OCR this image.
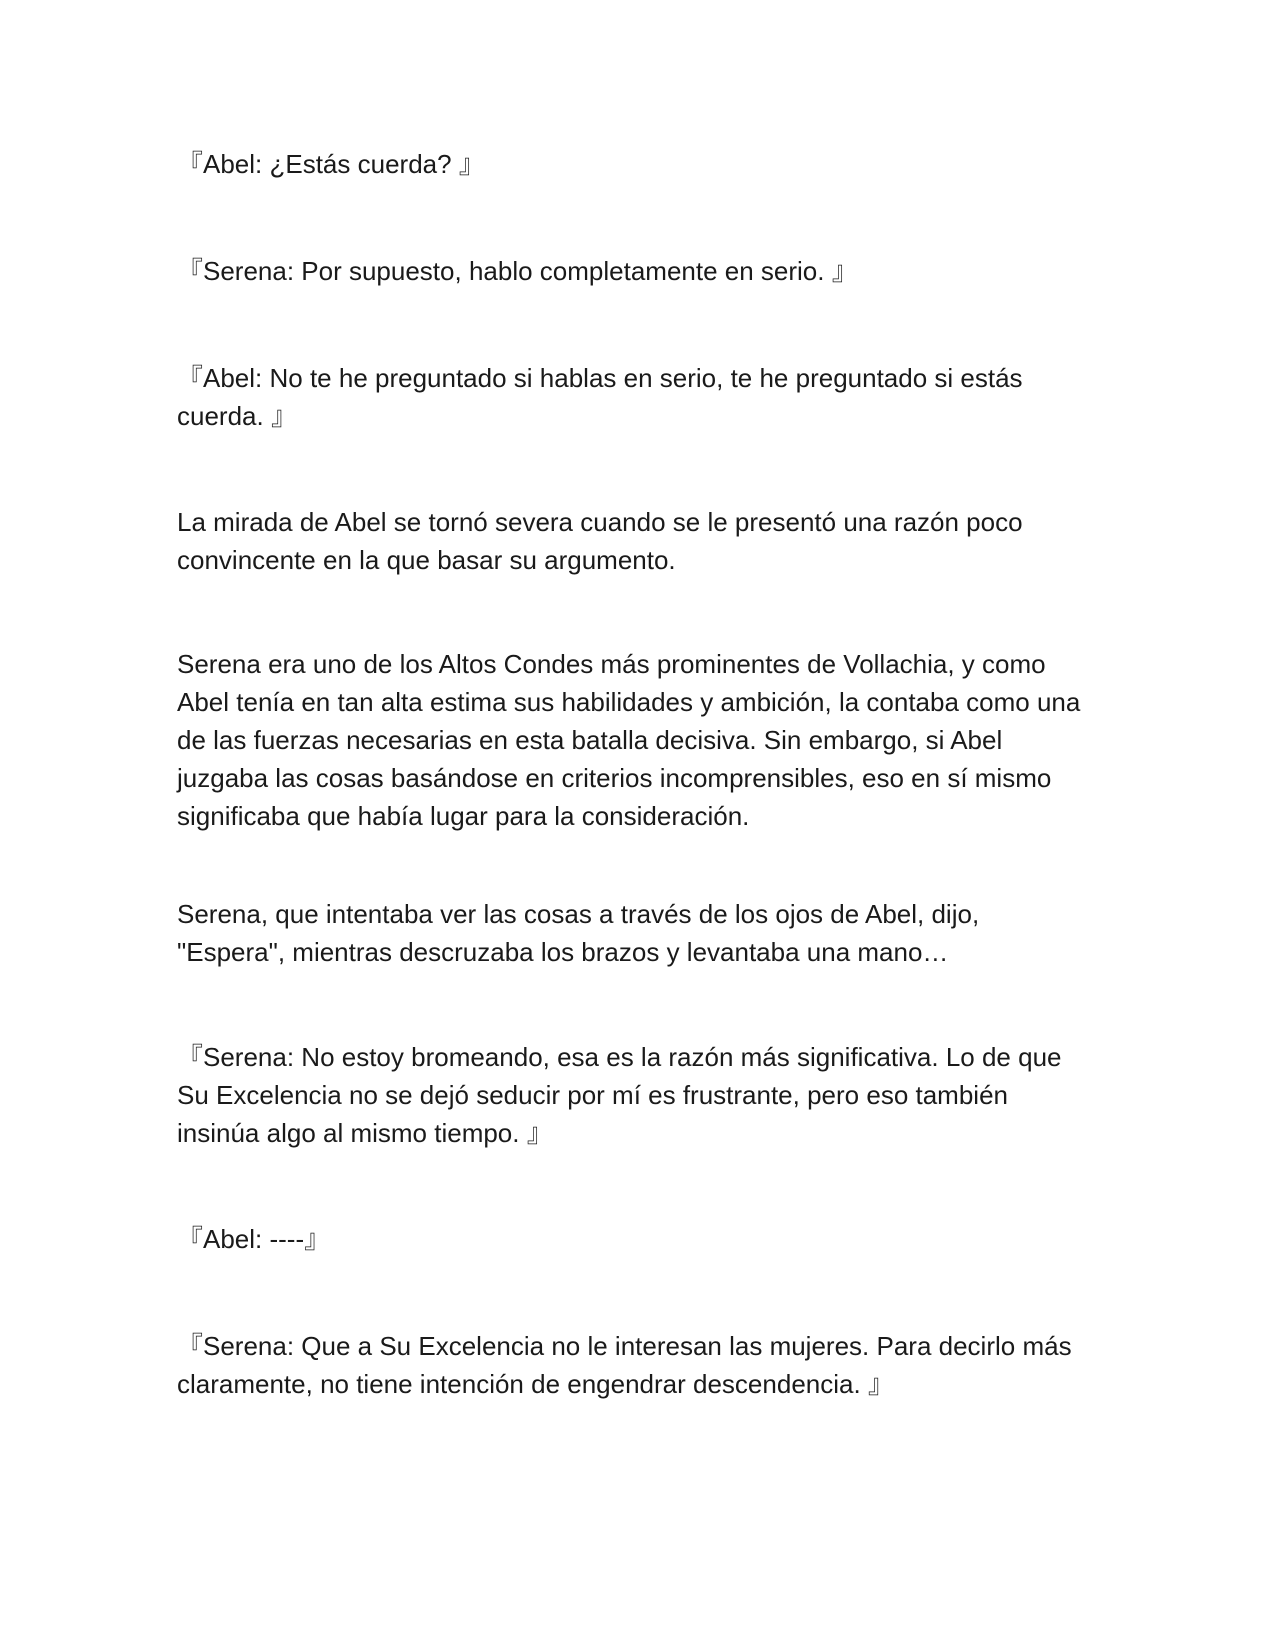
『Abel: ¿Estás cuerda? 』

『Serena: Por supuesto, hablo completamente en serio. 』

『Abel: No te he preguntado si hablas en serio, te he preguntado si estás cuerda. 』

La mirada de Abel se tornó severa cuando se le presentó una razón poco convincente en la que basar su argumento.

Serena era uno de los Altos Condes más prominentes de Vollachia, y como Abel tenía en tan alta estima sus habilidades y ambición, la contaba como una de las fuerzas necesarias en esta batalla decisiva. Sin embargo, si Abel juzgaba las cosas basándose en criterios incomprensibles, eso en sí mismo significaba que había lugar para la consideración.

Serena, que intentaba ver las cosas a través de los ojos de Abel, dijo, "Espera", mientras descruzaba los brazos y levantaba una mano…

『Serena: No estoy bromeando, esa es la razón más significativa. Lo de que Su Excelencia no se dejó seducir por mí es frustrante, pero eso también insinúa algo al mismo tiempo. 』

『Abel: ----』

『Serena: Que a Su Excelencia no le interesan las mujeres. Para decirlo más claramente, no tiene intención de engendrar descendencia. 』
